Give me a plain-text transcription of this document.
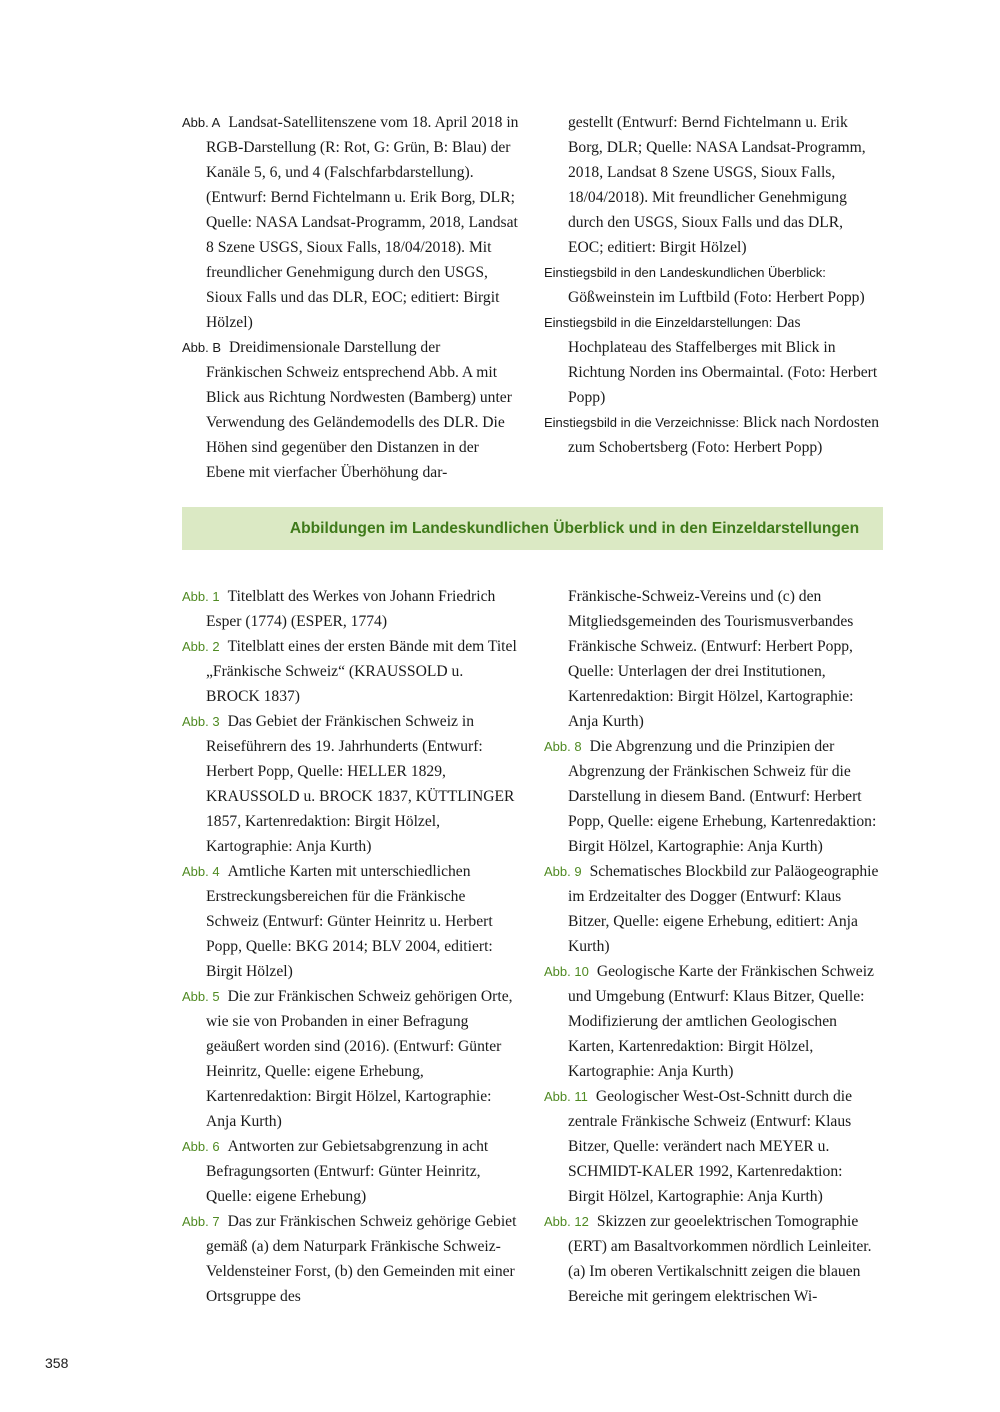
Abb. A Landsat-Satellitenszene vom 18. April 2018 in RGB-Darstellung (R: Rot, G: Grün, B: Blau) der Kanäle 5, 6, und 4 (Falschfarbdarstellung). (Entwurf: Bernd Fichtelmann u. Erik Borg, DLR; Quelle: NASA Landsat-Programm, 2018, Landsat 8 Szene USGS, Sioux Falls, 18/04/2018). Mit freundlicher Genehmigung durch den USGS, Sioux Falls und das DLR, EOC; editiert: Birgit Hölzel)

Abb. B Dreidimensionale Darstellung der Fränkischen Schweiz entsprechend Abb. A mit Blick aus Richtung Nordwesten (Bamberg) unter Verwendung des Geländemodells des DLR. Die Höhen sind gegenüber den Distanzen in der Ebene mit vierfacher Überhöhung dar-

gestellt (Entwurf: Bernd Fichtelmann u. Erik Borg, DLR; Quelle: NASA Landsat-Programm, 2018, Landsat 8 Szene USGS, Sioux Falls, 18/04/2018). Mit freundlicher Genehmigung durch den USGS, Sioux Falls und das DLR, EOC; editiert: Birgit Hölzel)

Einstiegsbild in den Landeskundlichen Überblick: Gößweinstein im Luftbild (Foto: Herbert Popp)

Einstiegsbild in die Einzeldarstellungen: Das Hochplateau des Staffelberges mit Blick in Richtung Norden ins Obermaintal. (Foto: Herbert Popp)

Einstiegsbild in die Verzeichnisse: Blick nach Nordosten zum Schobertsberg (Foto: Herbert Popp)

Abbildungen im Landeskundlichen Überblick und in den Einzeldarstellungen

Abb. 1 Titelblatt des Werkes von Johann Friedrich Esper (1774) (ESPER, 1774)

Abb. 2 Titelblatt eines der ersten Bände mit dem Titel „Fränkische Schweiz“ (KRAUSSOLD u. BROCK 1837)

Abb. 3 Das Gebiet der Fränkischen Schweiz in Reiseführern des 19. Jahrhunderts (Entwurf: Herbert Popp, Quelle: HELLER 1829, KRAUSSOLD u. BROCK 1837, KÜTTLINGER 1857, Kartenredaktion: Birgit Hölzel, Kartographie: Anja Kurth)

Abb. 4 Amtliche Karten mit unterschiedlichen Erstreckungsbereichen für die Fränkische Schweiz (Entwurf: Günter Heinritz u. Herbert Popp, Quelle: BKG 2014; BLV 2004, editiert: Birgit Hölzel)

Abb. 5 Die zur Fränkischen Schweiz gehörigen Orte, wie sie von Probanden in einer Befragung geäußert worden sind (2016). (Entwurf: Günter Heinritz, Quelle: eigene Erhebung, Kartenredaktion: Birgit Hölzel, Kartographie: Anja Kurth)

Abb. 6 Antworten zur Gebietsabgrenzung in acht Befragungsorten (Entwurf: Günter Heinritz, Quelle: eigene Erhebung)

Abb. 7 Das zur Fränkischen Schweiz gehörige Gebiet gemäß (a) dem Naturpark Fränkische Schweiz-Veldensteiner Forst, (b) den Gemeinden mit einer Ortsgruppe des

Fränkische-Schweiz-Vereins und (c) den Mitgliedsgemeinden des Tourismusverbandes Fränkische Schweiz. (Entwurf: Herbert Popp, Quelle: Unterlagen der drei Institutionen, Kartenredaktion: Birgit Hölzel, Kartographie: Anja Kurth)

Abb. 8 Die Abgrenzung und die Prinzipien der Abgrenzung der Fränkischen Schweiz für die Darstellung in diesem Band. (Entwurf: Herbert Popp, Quelle: eigene Erhebung, Kartenredaktion: Birgit Hölzel, Kartographie: Anja Kurth)

Abb. 9 Schematisches Blockbild zur Paläogeographie im Erdzeitalter des Dogger (Entwurf: Klaus Bitzer, Quelle: eigene Erhebung, editiert: Anja Kurth)

Abb. 10 Geologische Karte der Fränkischen Schweiz und Umgebung (Entwurf: Klaus Bitzer, Quelle: Modifizierung der amtlichen Geologischen Karten, Kartenredaktion: Birgit Hölzel, Kartographie: Anja Kurth)

Abb. 11 Geologischer West-Ost-Schnitt durch die zentrale Fränkische Schweiz (Entwurf: Klaus Bitzer, Quelle: verändert nach MEYER u. SCHMIDT-KALER 1992, Kartenredaktion: Birgit Hölzel, Kartographie: Anja Kurth)

Abb. 12 Skizzen zur geoelektrischen Tomographie (ERT) am Basaltvorkommen nördlich Leinleiter. (a) Im oberen Vertikalschnitt zeigen die blauen Bereiche mit geringem elektrischen Wi-

358
